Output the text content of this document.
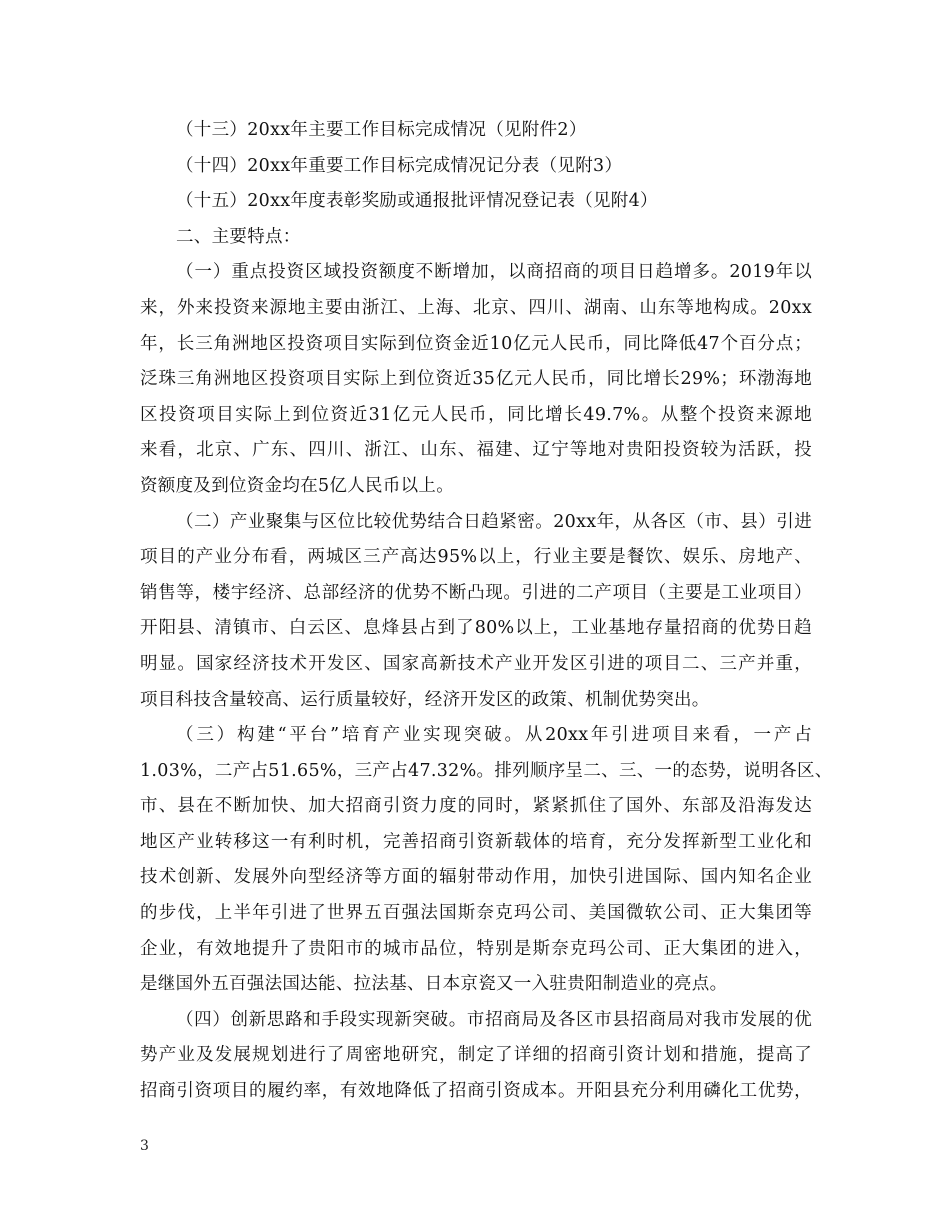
（十三）20xx年主要工作目标完成情况（见附件2）
（十四）20xx年重要工作目标完成情况记分表（见附3）
（十五）20xx年度表彰奖励或通报批评情况登记表（见附4）
二、主要特点：
（一）重点投资区域投资额度不断增加，以商招商的项目日趋增多。2019年以
来，外来投资来源地主要由浙江、上海、北京、四川、湖南、山东等地构成。20xx
年，长三角洲地区投资项目实际到位资金近10亿元人民币，同比降低47个百分点；
泛珠三角洲地区投资项目实际上到位资近35亿元人民币，同比增长29%；环渤海地
区投资项目实际上到位资近31亿元人民币，同比增长49.7%。从整个投资来源地
来看，北京、广东、四川、浙江、山东、福建、辽宁等地对贵阳投资较为活跃，投
资额度及到位资金均在5亿人民币以上。
（二）产业聚集与区位比较优势结合日趋紧密。20xx年，从各区（市、县）引进
项目的产业分布看，两城区三产高达95%以上，行业主要是餐饮、娱乐、房地产、
销售等，楼宇经济、总部经济的优势不断凸现。引进的二产项目（主要是工业项目）
开阳县、清镇市、白云区、息烽县占到了80%以上，工业基地存量招商的优势日趋
明显。国家经济技术开发区、国家高新技术产业开发区引进的项目二、三产并重，
项目科技含量较高、运行质量较好，经济开发区的政策、机制优势突出。
（三）构建“平台”培育产业实现突破。从20xx年引进项目来看，一产占
1.03%，二产占51.65%，三产占47.32%。排列顺序呈二、三、一的态势，说明各区、
市、县在不断加快、加大招商引资力度的同时，紧紧抓住了国外、东部及沿海发达
地区产业转移这一有利时机，完善招商引资新载体的培育，充分发挥新型工业化和
技术创新、发展外向型经济等方面的辐射带动作用，加快引进国际、国内知名企业
的步伐，上半年引进了世界五百强法国斯奈克玛公司、美国微软公司、正大集团等
企业，有效地提升了贵阳市的城市品位，特别是斯奈克玛公司、正大集团的进入，
是继国外五百强法国达能、拉法基、日本京瓷又一入驻贵阳制造业的亮点。
（四）创新思路和手段实现新突破。市招商局及各区市县招商局对我市发展的优
势产业及发展规划进行了周密地研究，制定了详细的招商引资计划和措施，提高了
招商引资项目的履约率，有效地降低了招商引资成本。开阳县充分利用磷化工优势，
3
